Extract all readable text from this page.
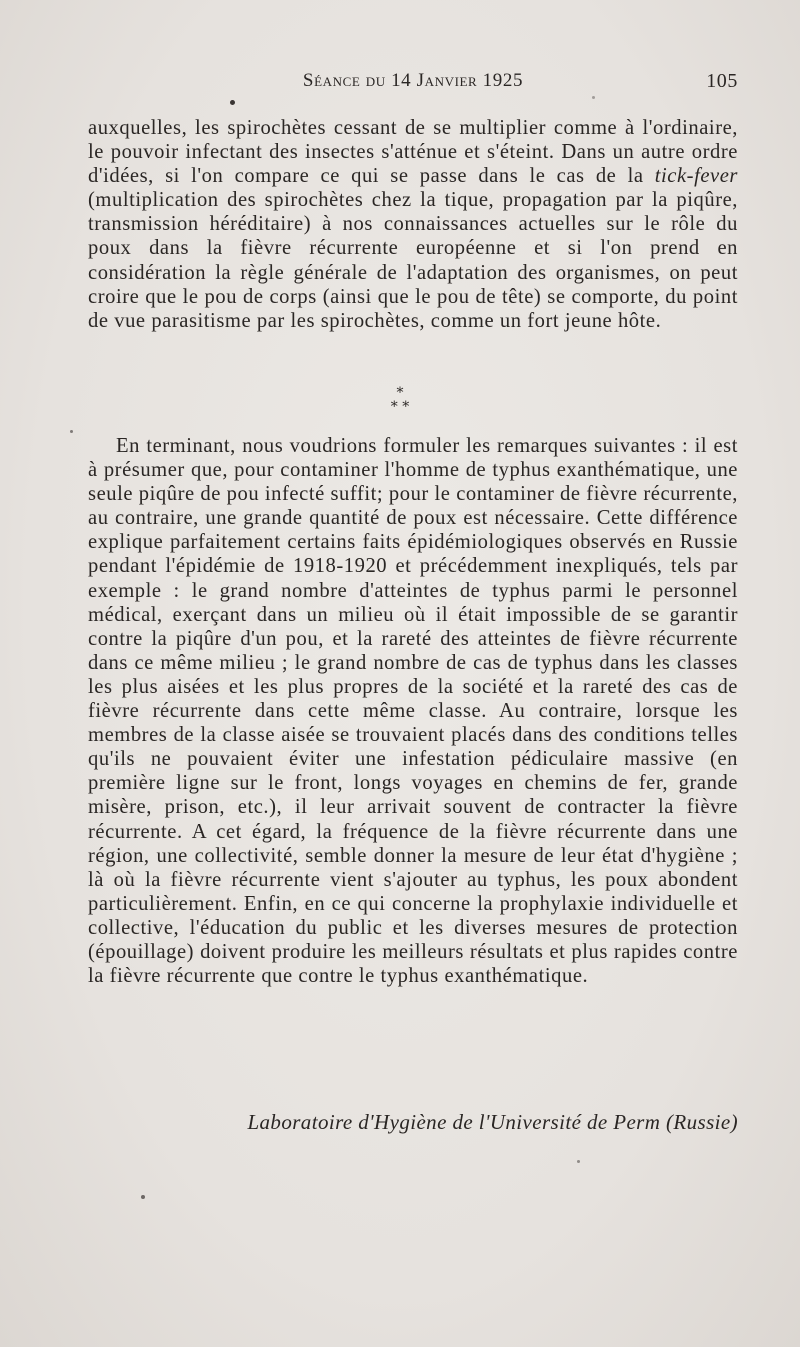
Séance du 14 Janvier 1925	105

auxquelles, les spirochètes cessant de se multiplier comme à l'ordinaire, le pouvoir infectant des insectes s'atténue et s'éteint. Dans un autre ordre d'idées, si l'on compare ce qui se passe dans le cas de la tick-fever (multiplication des spirochètes chez la tique, propagation par la piqûre, transmission héréditaire) à nos connaissances actuelles sur le rôle du poux dans la fièvre récurrente européenne et si l'on prend en considération la règle générale de l'adaptation des organismes, on peut croire que le pou de corps (ainsi que le pou de tête) se comporte, du point de vue parasitisme par les spirochètes, comme un fort jeune hôte.

*
* *

En terminant, nous voudrions formuler les remarques suivantes : il est à présumer que, pour contaminer l'homme de typhus exanthématique, une seule piqûre de pou infecté suffit; pour le contaminer de fièvre récurrente, au contraire, une grande quantité de poux est nécessaire. Cette différence explique parfaitement certains faits épidémiologiques observés en Russie pendant l'épidémie de 1918-1920 et précédemment inexpliqués, tels par exemple : le grand nombre d'atteintes de typhus parmi le personnel médical, exerçant dans un milieu où il était impossible de se garantir contre la piqûre d'un pou, et la rareté des atteintes de fièvre récurrente dans ce même milieu ; le grand nombre de cas de typhus dans les classes les plus aisées et les plus propres de la société et la rareté des cas de fièvre récurrente dans cette même classe. Au contraire, lorsque les membres de la classe aisée se trouvaient placés dans des conditions telles qu'ils ne pouvaient éviter une infestation pédiculaire massive (en première ligne sur le front, longs voyages en chemins de fer, grande misère, prison, etc.), il leur arrivait souvent de contracter la fièvre récurrente. A cet égard, la fréquence de la fièvre récurrente dans une région, une collectivité, semble donner la mesure de leur état d'hygiène ; là où la fièvre récurrente vient s'ajouter au typhus, les poux abondent particulièrement. Enfin, en ce qui concerne la prophylaxie individuelle et collective, l'éducation du public et les diverses mesures de protection (épouillage) doivent produire les meilleurs résultats et plus rapides contre la fièvre récurrente que contre le typhus exanthématique.

Laboratoire d'Hygiène de l'Université de Perm (Russie)
